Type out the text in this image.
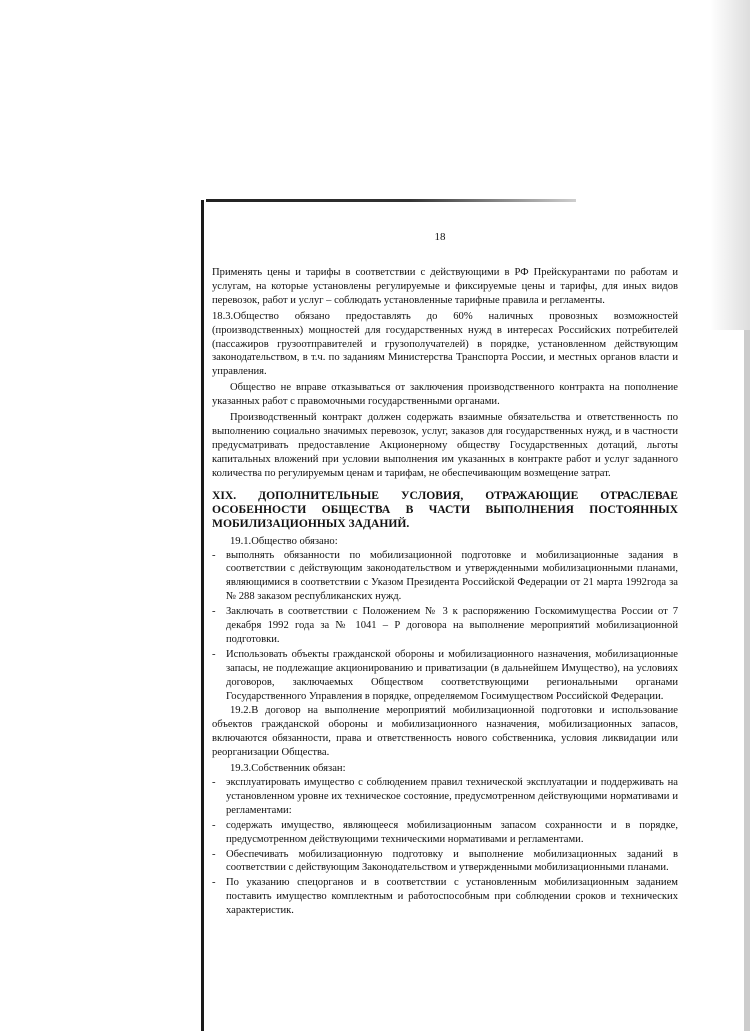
18

Применять цены и тарифы в соответствии с действующими в РФ Прейскурантами по работам и услугам, на которые установлены регулируемые и фиксируемые цены и тарифы, для иных видов перевозок, работ и услуг – соблюдать установленные тарифные правила и регламенты.

18.3.Общество обязано предоставлять до 60% наличных провозных возможностей (производственных) мощностей для государственных нужд в интересах Российских потребителей (пассажиров грузоотправителей и грузополучателей) в порядке, установленном действующим законодательством, в т.ч. по заданиям Министерства Транспорта России, и местных органов власти и управления.

Общество не вправе отказываться от заключения производственного контракта на пополнение указанных работ с правомочными государственными органами.

Производственный контракт должен содержать взаимные обязательства и ответственность по выполнению социально значимых перевозок, услуг, заказов для государственных нужд, и в частности предусматривать предоставление Акционерному обществу Государственных дотаций, льготы капитальных вложений при условии выполнения им указанных в контракте работ и услуг заданного количества по регулируемым ценам и тарифам, не обеспечивающим возмещение затрат.

XIX. ДОПОЛНИТЕЛЬНЫЕ УСЛОВИЯ, ОТРАЖАЮЩИЕ ОТРАСЛЕВАЕ ОСОБЕННОСТИ ОБЩЕСТВА В ЧАСТИ ВЫПОЛНЕНИЯ ПОСТОЯННЫХ МОБИЛИЗАЦИОННЫХ ЗАДАНИЙ.

19.1.Общество обязано:

- выполнять обязанности по мобилизационной подготовке и мобилизационные задания в соответствии с действующим законодательством и утвержденными мобилизационными планами, являющимися в соответствии с Указом Президента Российской Федерации от 21 марта 1992года за № 288 заказом республиканских нужд.
- Заключать в соответствии с Положением № 3 к распоряжению Госкомимущества России от 7 декабря 1992 года за № 1041 – Р договора на выполнение мероприятий мобилизационной подготовки.
- Использовать объекты гражданской обороны и мобилизационного назначения, мобилизационные запасы, не подлежащие акционированию и приватизации (в дальнейшем Имущество), на условиях договоров, заключаемых Обществом соответствующими региональными органами Государственного Управления в порядке, определяемом Госимуществом Российской Федерации.

19.2.В договор на выполнение мероприятий мобилизационной подготовки и использование объектов гражданской обороны и мобилизационного назначения, мобилизационных запасов, включаются обязанности, права и ответственность нового собственника, условия ликвидации или реорганизации Общества.

19.3.Собственник обязан:

- эксплуатировать имущество с соблюдением правил технической эксплуатации и поддерживать на установленном уровне их техническое состояние, предусмотренном действующими нормативами и регламентами:
- содержать имущество, являющееся мобилизационным запасом сохранности и в порядке, предусмотренном действующими техническими нормативами и регламентами.
- Обеспечивать мобилизационную подготовку и выполнение мобилизационных заданий в соответствии с действующим Законодательством и утвержденными мобилизационными планами.
- По указанию спецорганов и в соответствии с установленным мобилизационным заданием поставить имущество комплектным и работоспособным при соблюдении сроков и технических характеристик.
